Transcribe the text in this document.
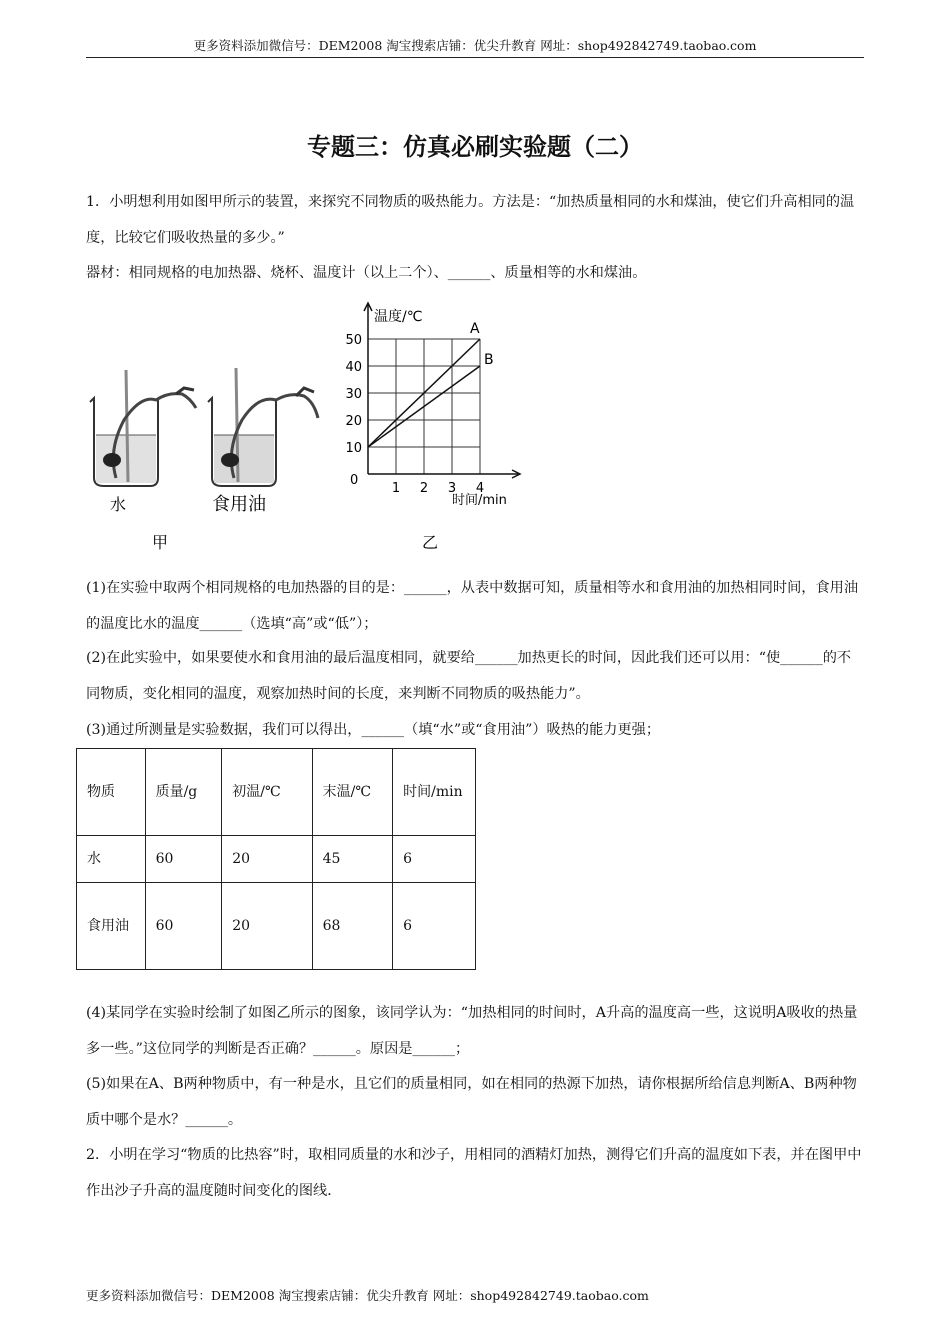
更多资料添加微信号：DEM2008 淘宝搜索店铺：优尖升教育 网址：shop492842749.taobao.com
专题三：仿真必刷实验题（二）

1．小明想利用如图甲所示的装置，来探究不同物质的吸热能力。方法是：“加热质量相同的水和煤油，使它们升高相同的温度，比较它们吸收热量的多少。”

器材：相同规格的电加热器、烧杯、温度计（以上二个）、______、质量相等的水和煤油。

水	食用油
甲	乙
10
20
30
40
50
1 2 3 4
0
温度/℃
时间/min
A
B

(1)在实验中取两个相同规格的电加热器的目的是：______，从表中数据可知，质量相等水和食用油的加热相同时间，食用油的温度比水的温度______（选填“高”或“低”）；

(2)在此实验中，如果要使水和食用油的最后温度相同，就要给______加热更长的时间，因此我们还可以用：“使______的不同物质，变化相同的温度，观察加热时间的长度，来判断不同物质的吸热能力”。

(3)通过所测量是实验数据，我们可以得出，______（填“水”或“食用油”）吸热的能力更强；

物质	质量/g	初温/℃	末温/℃	时间/min
水	60	20	45	6
食用油	60	20	68	6

(4)某同学在实验时绘制了如图乙所示的图象，该同学认为：“加热相同的时间时，A升高的温度高一些，这说明A吸收的热量多一些。”这位同学的判断是否正确？______。原因是______；

(5)如果在A、B两种物质中，有一种是水，且它们的质量相同，如在相同的热源下加热，请你根据所给信息判断A、B两种物质中哪个是水？______。

2．小明在学习“物质的比热容”时，取相同质量的水和沙子，用相同的酒精灯加热，测得它们升高的温度如下表，并在图甲中作出沙子升高的温度随时间变化的图线．

更多资料添加微信号：DEM2008 淘宝搜索店铺：优尖升教育 网址：shop492842749.taobao.com
